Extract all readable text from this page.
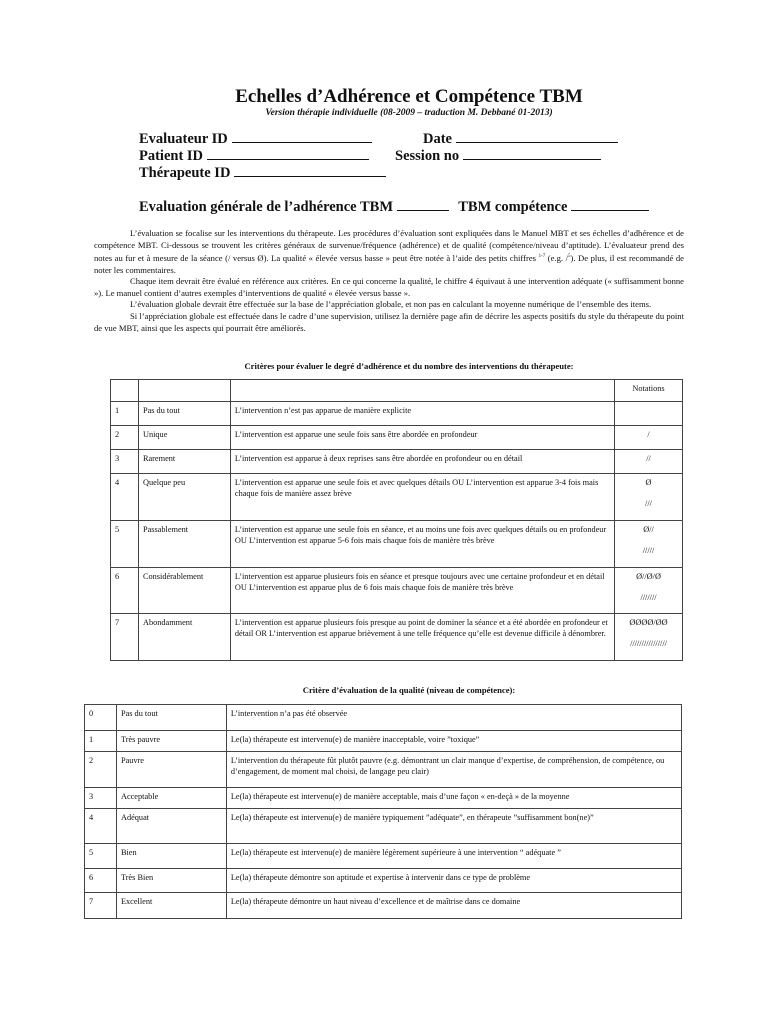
Echelles d’Adhérence et Compétence TBM
Version thérapie individuelle (08-2009 – traduction M. Debbané 01-2013)
Evaluateur ID	Date
Patient ID	Session no
Thérapeute ID
Evaluation générale de l’adhérence TBM	TBM compétence

L’évaluation se focalise sur les interventions du thérapeute. Les procédures d’évaluation sont expliquées dans le Manuel MBT et ses échelles d’adhérence et de compétence MBT. Ci-dessous se trouvent les critères généraux de survenue/fréquence (adhérence) et de qualité (compétence/niveau d’aptitude). L’évaluateur prend des notes au fur et à mesure de la séance (/ versus Ø). La qualité « élevée versus basse » peut être notée à l’aide des petits chiffres $^{1-7}$ (e.g. /$^5$). De plus, il est recommandé de noter les commentaires.

Chaque item devrait être évalué en référence aux critères. En ce qui concerne la qualité, le chiffre 4 équivaut à une intervention adéquate (« suffisamment bonne »). Le manuel contient d’autres exemples d’interventions de qualité « élevée versus basse ».

L’évaluation globale devrait être effectuée sur la base de l’appréciation globale, et non pas en calculant la moyenne numérique de l’ensemble des items.

Si l’appréciation globale est effectuée dans le cadre d’une supervision, utilisez la dernière page afin de décrire les aspects positifs du style du thérapeute du point de vue MBT, ainsi que les aspects qui pourrait être améliorés.

Critères pour évaluer le degré d’adhérence et du nombre des interventions du thérapeute:
			Notations
1	Pas du tout	L’intervention n’est pas apparue de manière explicite	

2	Unique	L’intervention est apparue une seule fois sans être abordée en profondeur	/

3	Rarement	L’intervention est apparue à deux reprises sans être abordée en profondeur ou en détail	//

4	Quelque peu	L’intervention est apparue une seule fois et avec quelques détails OU L’intervention est apparue 3-4 fois mais chaque fois de manière assez brève	Ø
///

5	Passablement	L’intervention est apparue une seule fois en séance, et au moins une fois avec quelques détails ou en profondeur OU L’intervention est apparue 5-6 fois mais chaque fois de manière très brève	Ø//
/////

6	Considérablement	L’intervention est apparue plusieurs fois en séance et presque toujours avec une certaine profondeur et en détail OU L’intervention est apparue plus de 6 fois mais chaque fois de manière très brève	Ø//Ø/Ø
///////

7	Abondamment	L’intervention est apparue plusieurs fois presque au point de dominer la séance et a été abordée en profondeur et détail OR L’intervention est apparue brièvement à une telle fréquence qu’elle est devenue difficile à dénombrer.	ØØØØ/ØØ
////////////////
Critère d’évaluation de la qualité (niveau de compétence):
0	Pas du tout	L’intervention n’a pas été observée
1	Très pauvre	Le(la) thérapeute est intervenu(e) de manière inacceptable, voire ”toxique”
2	Pauvre	L’intervention du thérapeute fût plutôt pauvre (e.g. démontrant un clair manque d’expertise, de compréhension, de compétence, ou d’engagement, de moment mal choisi, de langage peu clair)
3	Acceptable	Le(la) thérapeute est intervenu(e) de manière acceptable, mais d’une façon « en-deçà » de la moyenne
4	Adéquat	Le(la) thérapeute est intervenu(e) de manière typiquement ”adéquate”, en thérapeute ”suffisamment bon(ne)”
5	Bien	Le(la) thérapeute est intervenu(e) de manière légèrement supérieure à une intervention “ adéquate ”
6	Très Bien	Le(la) thérapeute démontre son aptitude et expertise à intervenir dans ce type de problème
7	Excellent	Le(la) thérapeute démontre un haut niveau d’excellence et de maîtrise dans ce domaine
